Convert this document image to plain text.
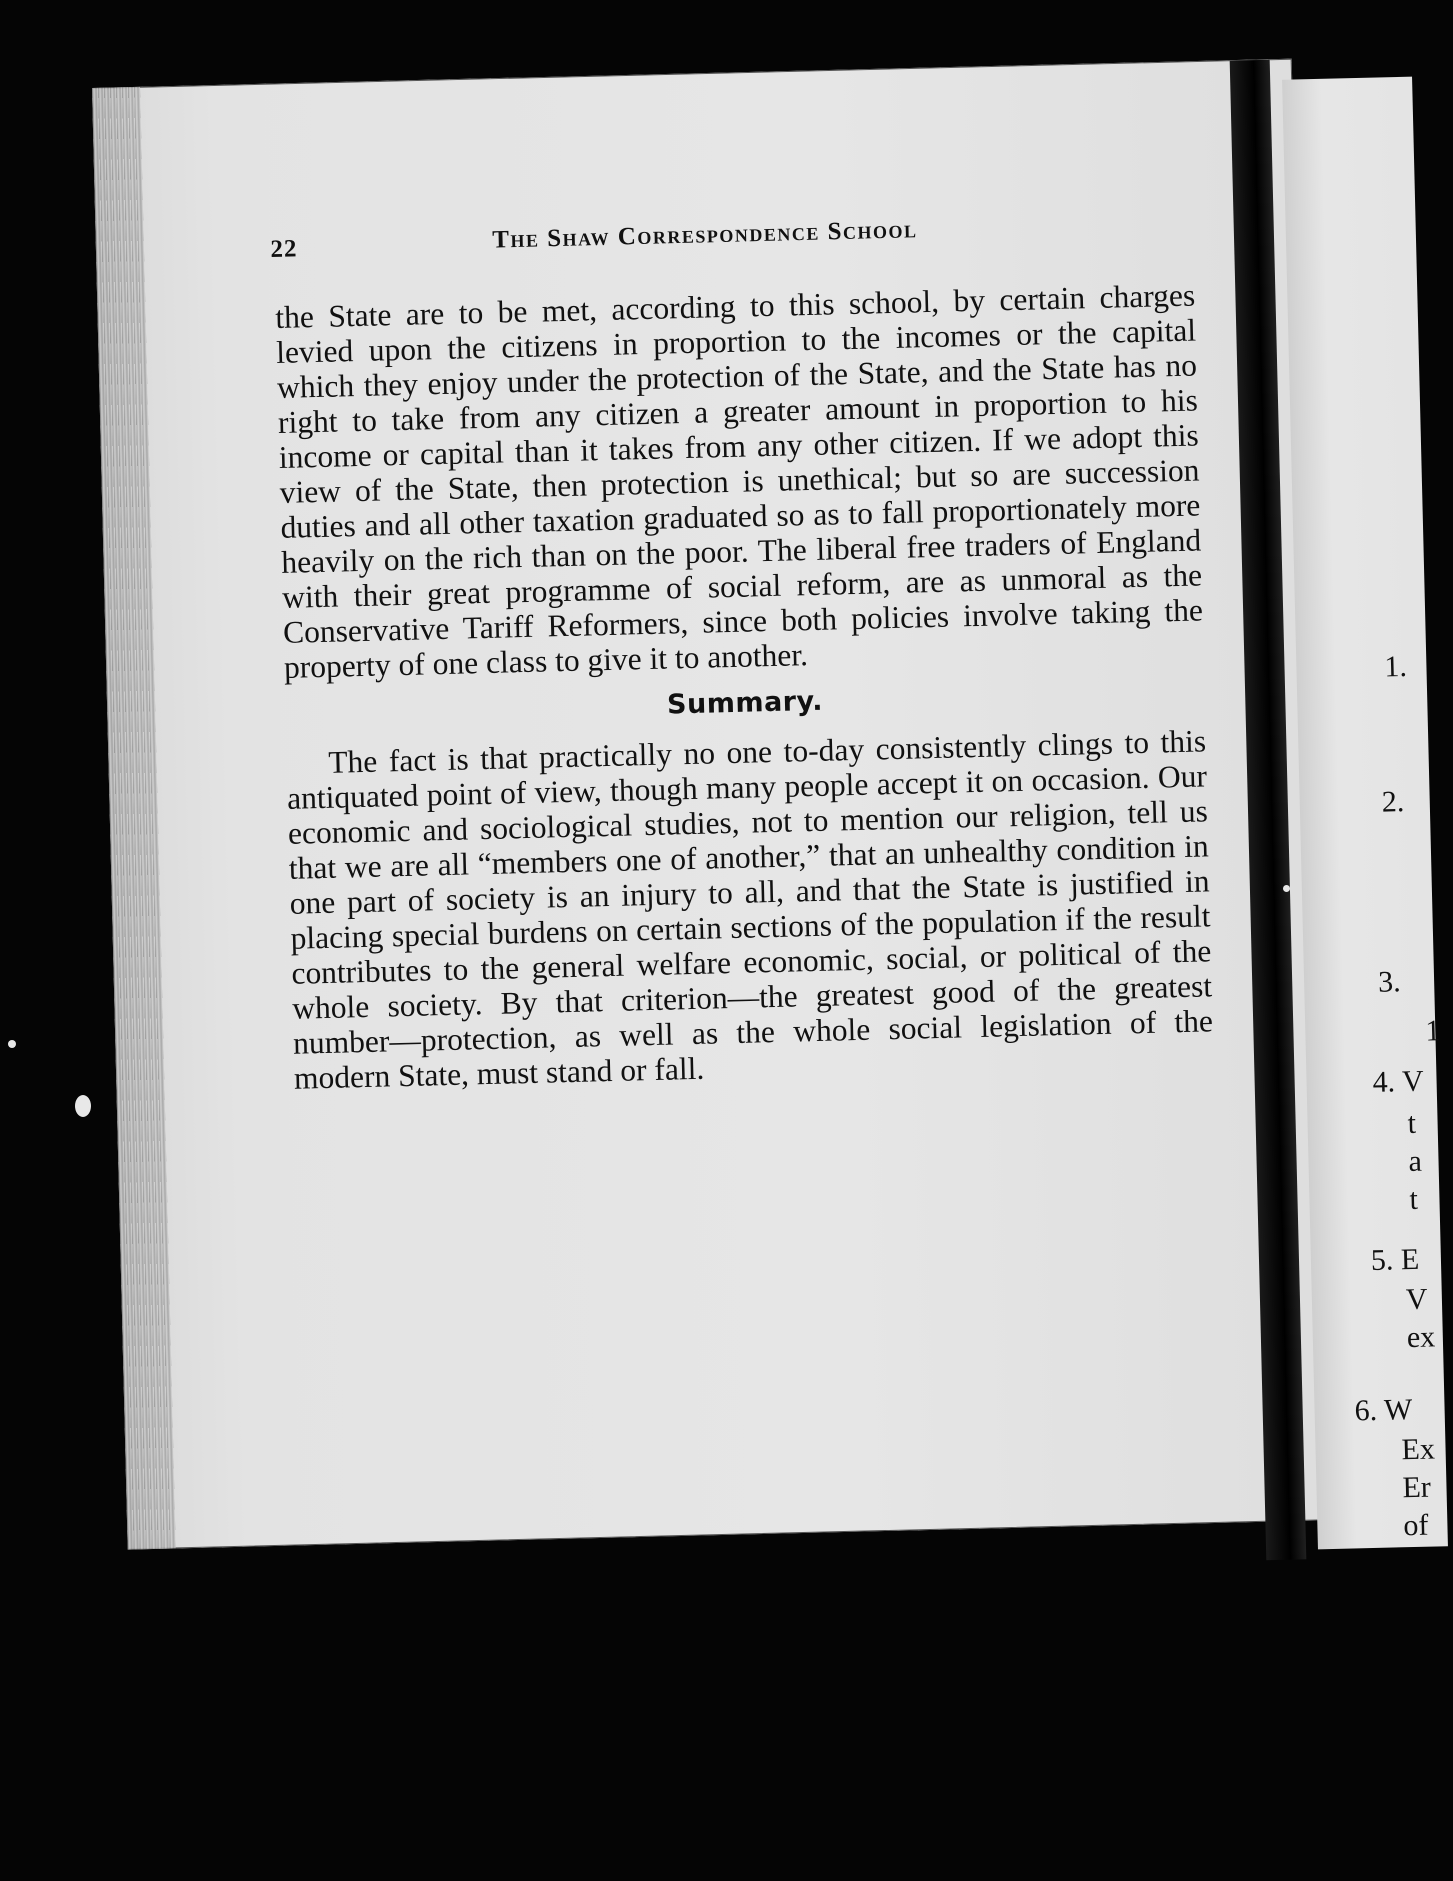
1.
2.
3.
1
4. V
t
a
t
5. E
V
ex
6. W
Ex
Er
of
22	The Shaw Correspondence School

the State are to be met, according to this school, by certain charges levied upon the citizens in proportion to the incomes or the capital which they enjoy under the protection of the State, and the State has no right to take from any citizen a greater amount in proportion to his income or capital than it takes from any other citizen. If we adopt this view of the State, then protection is unethical; but so are succession duties and all other taxation graduated so as to fall proportionately more heavily on the rich than on the poor. The liberal free traders of England with their great programme of social reform, are as unmoral as the Conservative Tariff Reformers, since both policies involve taking the property of one class to give it to another.

Summary.

The fact is that practically no one to-day consistently clings to this antiquated point of view, though many people accept it on occasion. Our economic and sociological studies, not to mention our religion, tell us that we are all “members one of another,” that an unhealthy condition in one part of society is an injury to all, and that the State is justified in placing special burdens on certain sections of the population if the result contributes to the general welfare economic, social, or political of the whole society. By that criterion—the greatest good of the greatest number—protection, as well as the whole social legislation of the modern State, must stand or fall.
